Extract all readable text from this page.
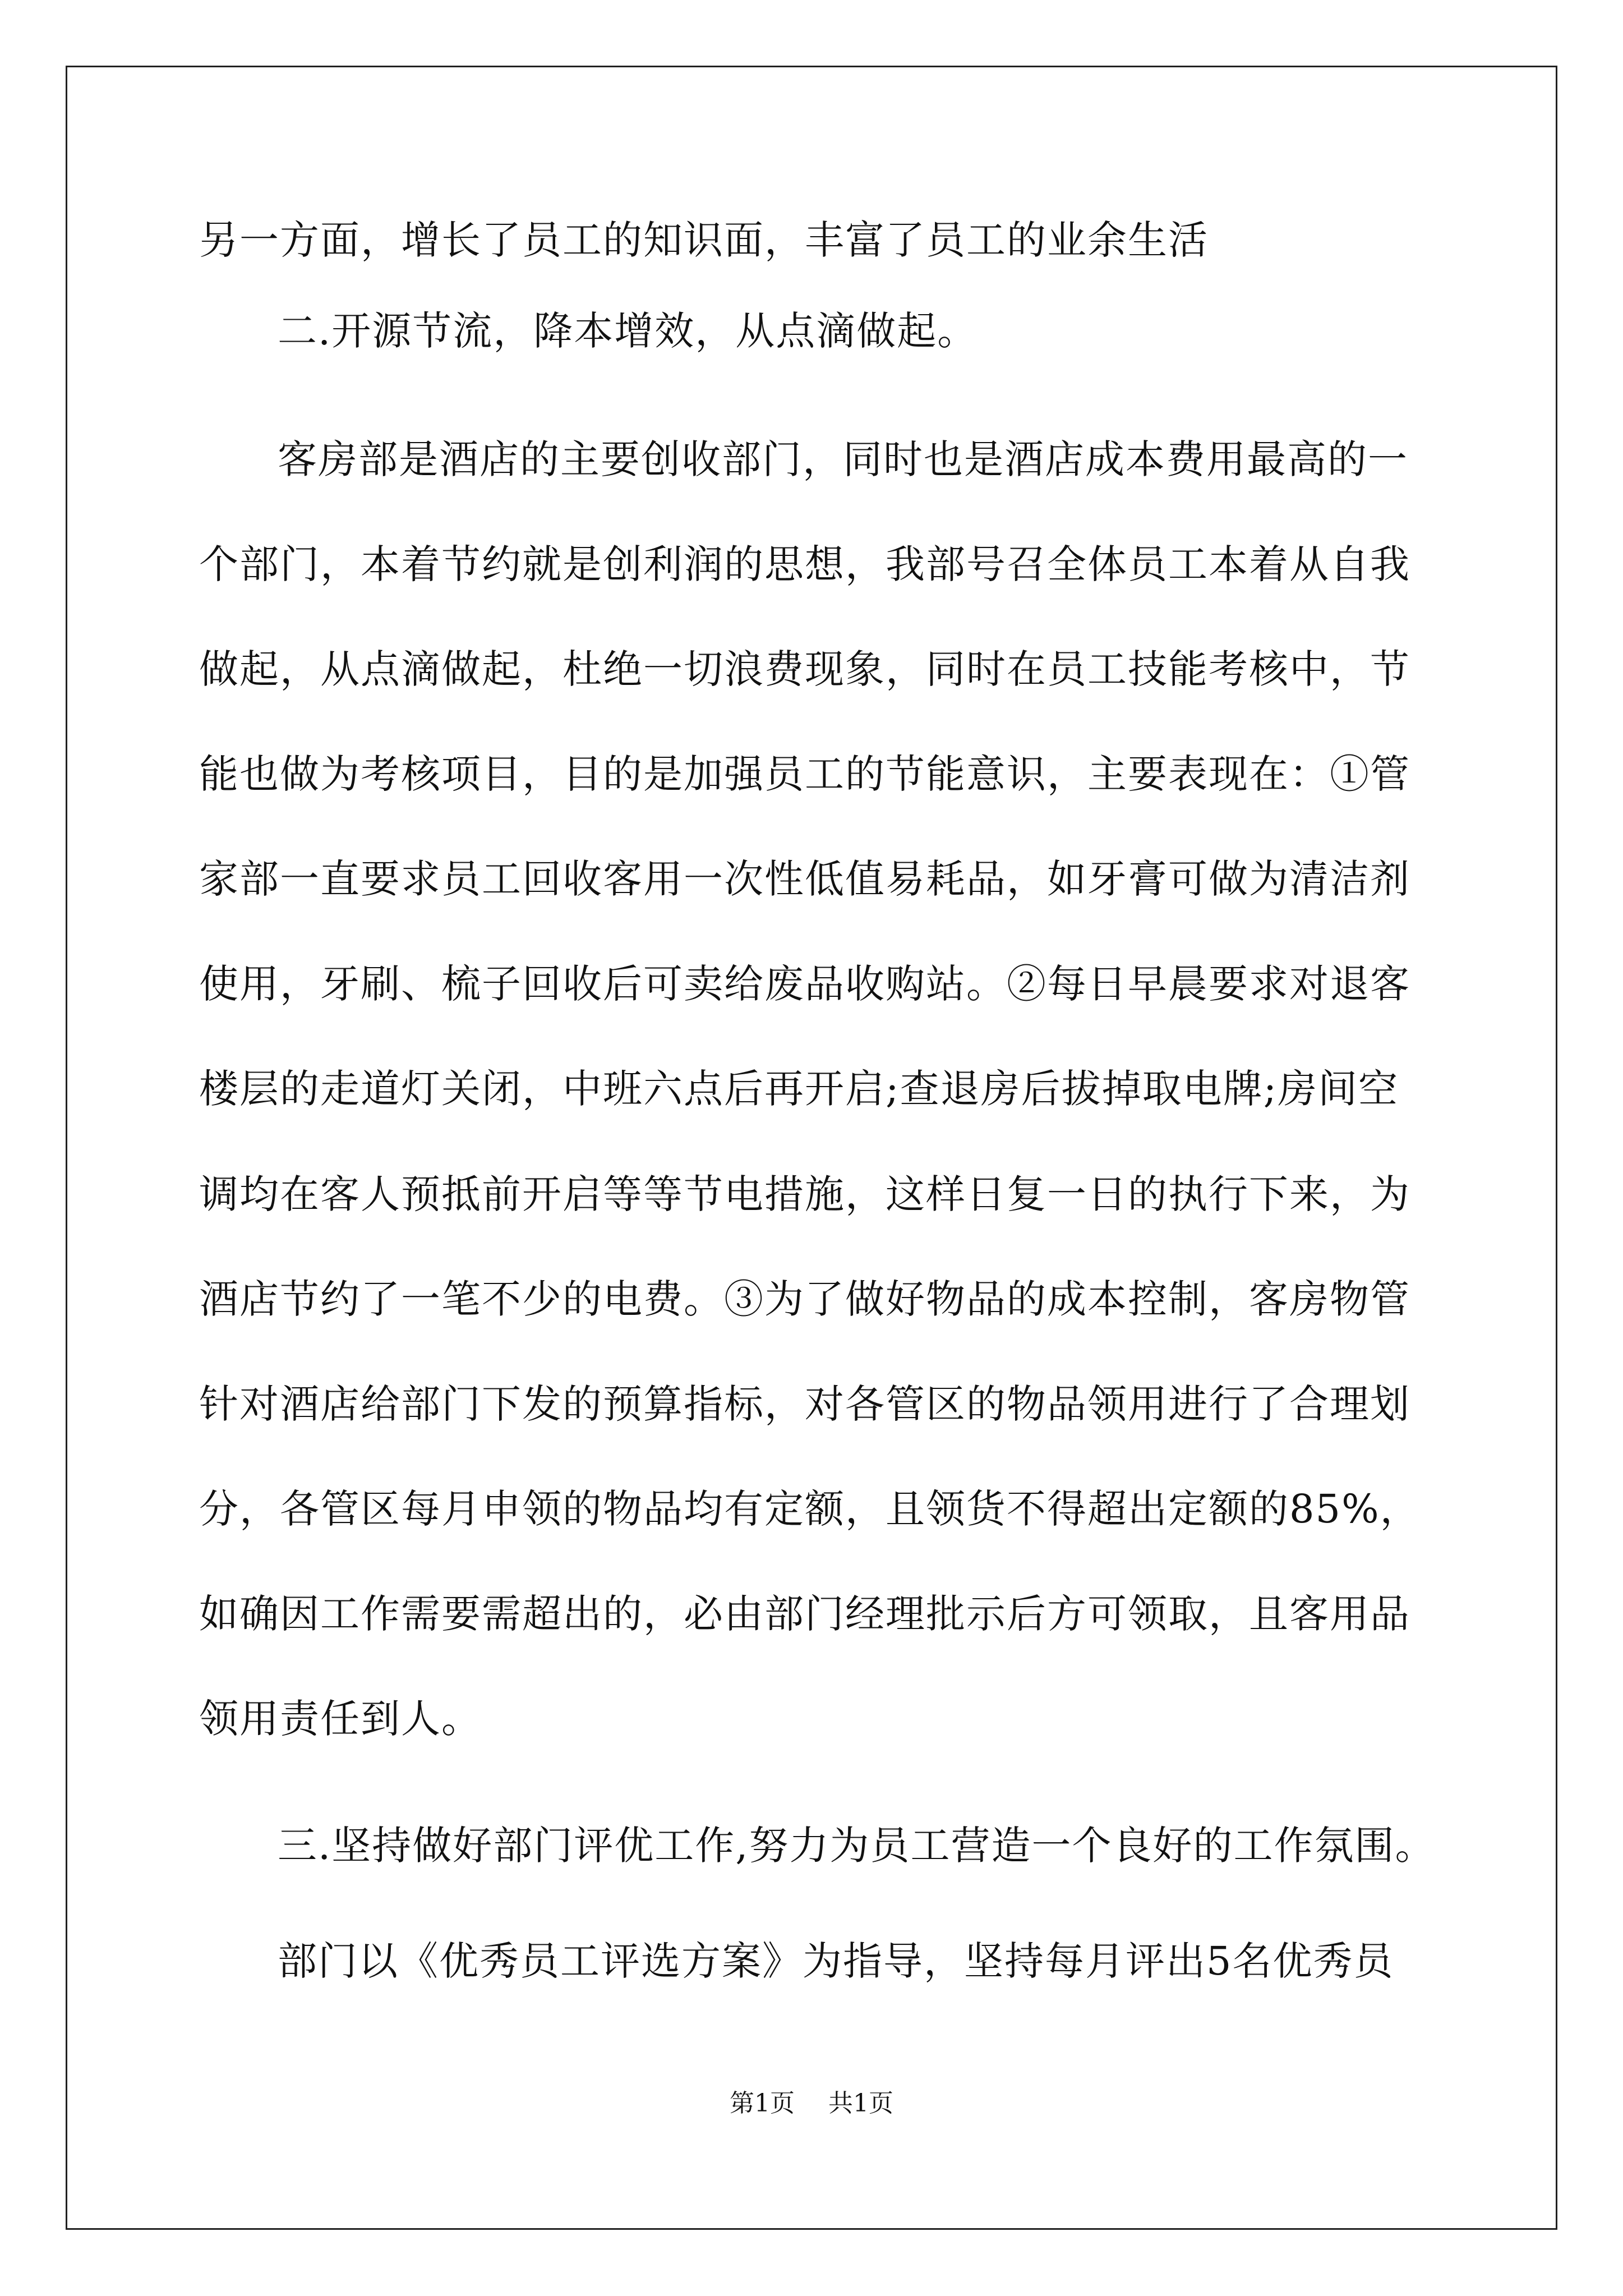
另一方面，增长了员工的知识面，丰富了员工的业余生活
二.开源节流，降本增效，从点滴做起。
客房部是酒店的主要创收部门，同时也是酒店成本费用最高的一
个部门，本着节约就是创利润的思想，我部号召全体员工本着从自我
做起，从点滴做起，杜绝一切浪费现象，同时在员工技能考核中，节
能也做为考核项目，目的是加强员工的节能意识，主要表现在：①管
家部一直要求员工回收客用一次性低值易耗品，如牙膏可做为清洁剂
使用，牙刷、梳子回收后可卖给废品收购站。②每日早晨要求对退客
楼层的走道灯关闭，中班六点后再开启;查退房后拔掉取电牌;房间空
调均在客人预抵前开启等等节电措施，这样日复一日的执行下来，为
酒店节约了一笔不少的电费。③为了做好物品的成本控制，客房物管
针对酒店给部门下发的预算指标，对各管区的物品领用进行了合理划
分，各管区每月申领的物品均有定额，且领货不得超出定额的85%，
如确因工作需要需超出的，必由部门经理批示后方可领取，且客用品
领用责任到人。
三.坚持做好部门评优工作,努力为员工营造一个良好的工作氛围。
部门以《优秀员工评选方案》为指导，坚持每月评出5名优秀员
第1页 共1页
